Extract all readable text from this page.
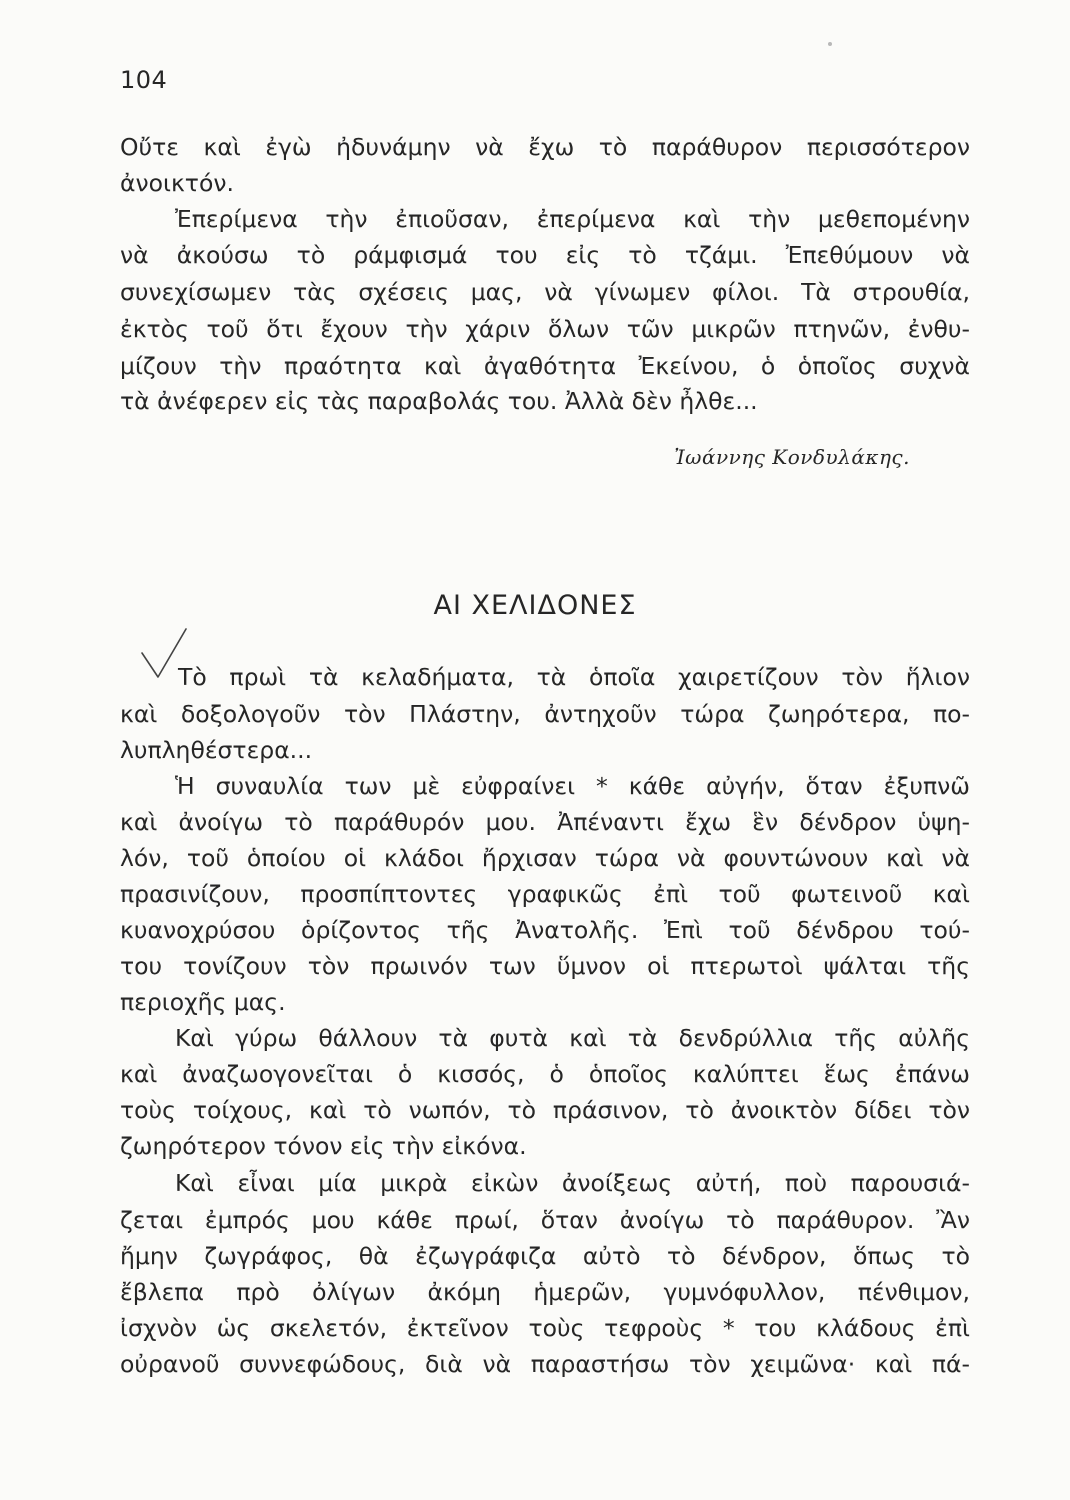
104
Οὔτε καὶ ἐγὼ ἠδυνάμην νὰ ἔχω τὸ παράθυρον περισσότερον
ἀνοικτόν.
Ἐπερίμενα τὴν ἐπιοῦσαν, ἐπερίμενα καὶ τὴν μεθεπομένην
νὰ ἀκούσω τὸ ράμφισμά του εἰς τὸ τζάμι. Ἐπεθύμουν νὰ
συνεχίσωμεν τὰς σχέσεις μας, νὰ γίνωμεν φίλοι. Τὰ στρουθία,
ἐκτὸς τοῦ ὅτι ἔχουν τὴν χάριν ὅλων τῶν μικρῶν πτηνῶν, ἐνθυ-
μίζουν τὴν πραότητα καὶ ἀγαθότητα Ἐκείνου, ὁ ὁποῖος συχνὰ
τὰ ἀνέφερεν εἰς τὰς παραβολάς του. Ἀλλὰ δὲν ἦλθε...
Ἰωάννης Κονδυλάκης.
ΑΙ ΧΕΛΙΔΟΝΕΣ
Τὸ πρωὶ τὰ κελαδήματα, τὰ ὁποῖα χαιρετίζουν τὸν ἥλιον
καὶ δοξολογοῦν τὸν Πλάστην, ἀντηχοῦν τώρα ζωηρότερα, πο-
λυπληθέστερα...
Ἡ συναυλία των μὲ εὐφραίνει * κάθε αὐγήν, ὅταν ἐξυπνῶ
καὶ ἀνοίγω τὸ παράθυρόν μου. Ἀπέναντι ἔχω ἓν δένδρον ὑψη-
λόν, τοῦ ὁποίου οἱ κλάδοι ἤρχισαν τώρα νὰ φουντώνουν καὶ νὰ
πρασινίζουν, προσπίπτοντες γραφικῶς ἐπὶ τοῦ φωτεινοῦ καὶ
κυανοχρύσου ὁρίζοντος τῆς Ἀνατολῆς. Ἐπὶ τοῦ δένδρου τού-
του τονίζουν τὸν πρωινόν των ὕμνον οἱ πτερωτοὶ ψάλται τῆς
περιοχῆς μας.
Καὶ γύρω θάλλουν τὰ φυτὰ καὶ τὰ δενδρύλλια τῆς αὐλῆς
καὶ ἀναζωογονεῖται ὁ κισσός, ὁ ὁποῖος καλύπτει ἕως ἐπάνω
τοὺς τοίχους, καὶ τὸ νωπόν, τὸ πράσινον, τὸ ἀνοικτὸν δίδει τὸν
ζωηρότερον τόνον εἰς τὴν εἰκόνα.
Καὶ εἶναι μία μικρὰ εἰκὼν ἀνοίξεως αὐτή, ποὺ παρουσιά-
ζεται ἐμπρός μου κάθε πρωί, ὅταν ἀνοίγω τὸ παράθυρον. Ἂν
ἤμην ζωγράφος, θὰ ἐζωγράφιζα αὐτὸ τὸ δένδρον, ὅπως τὸ
ἔβλεπα πρὸ ὀλίγων ἀκόμη ἡμερῶν, γυμνόφυλλον, πένθιμον,
ἰσχνὸν ὡς σκελετόν, ἐκτεῖνον τοὺς τεφροὺς * του κλάδους ἐπὶ
οὐρανοῦ συννεφώδους, διὰ νὰ παραστήσω τὸν χειμῶνα· καὶ πά-
